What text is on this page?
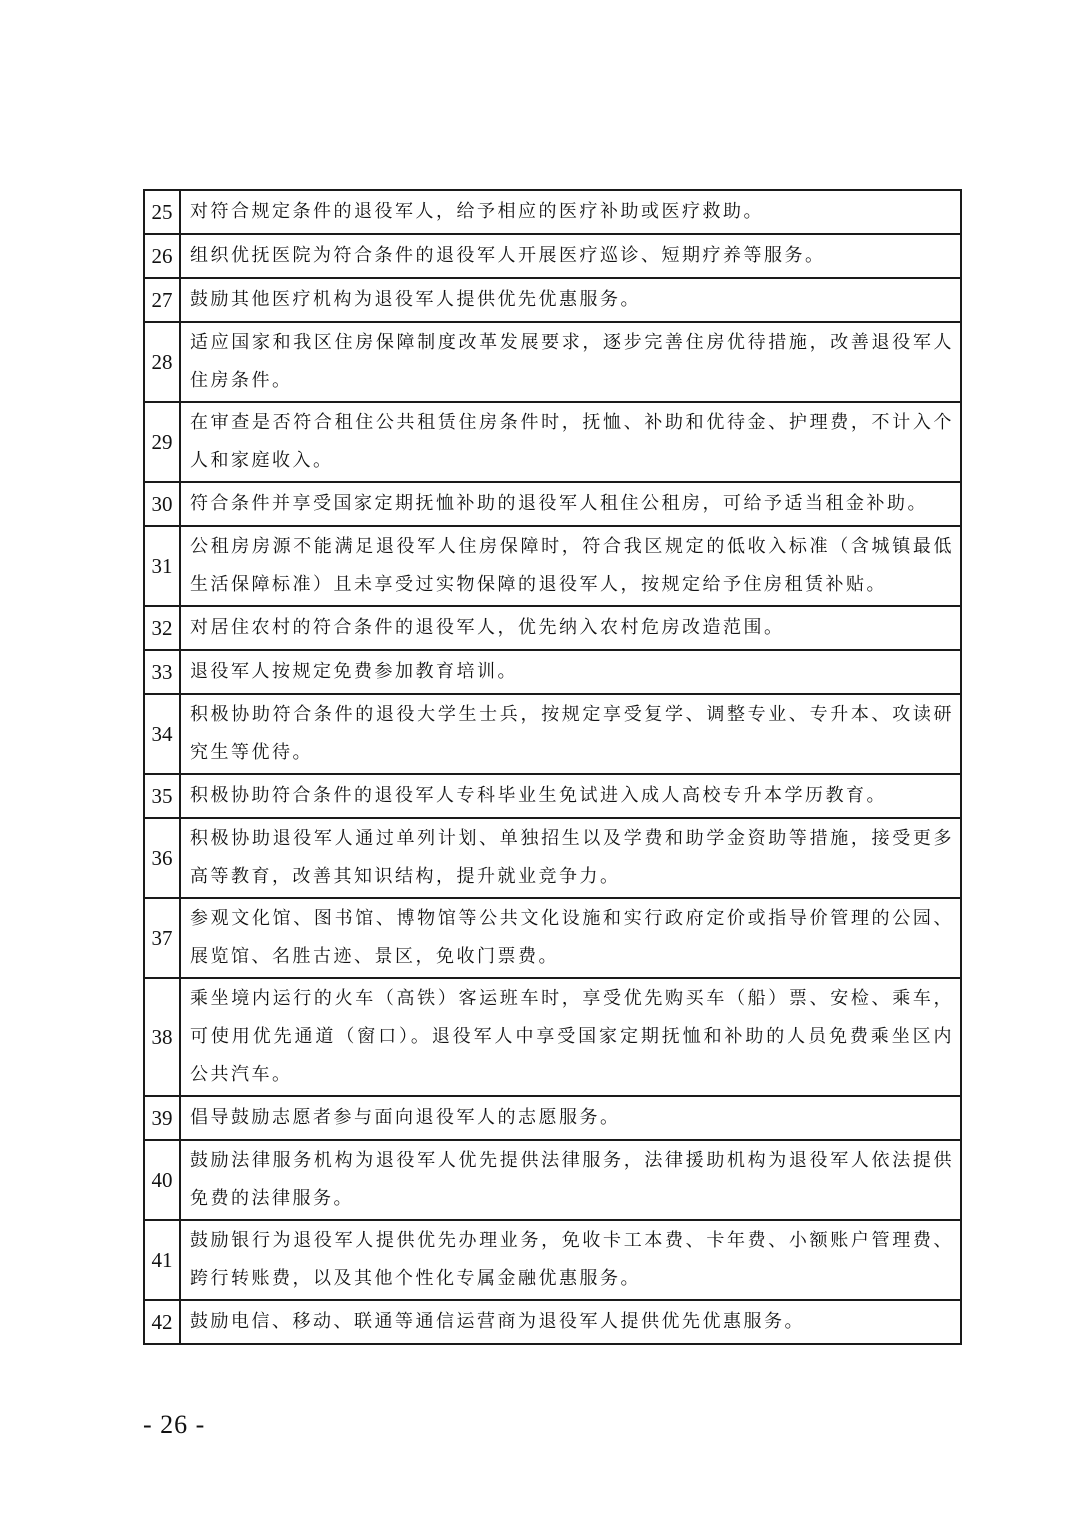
25	对符合规定条件的退役军人，给予相应的医疗补助或医疗救助。
26	组织优抚医院为符合条件的退役军人开展医疗巡诊、短期疗养等服务。
27	鼓励其他医疗机构为退役军人提供优先优惠服务。
28	适应国家和我区住房保障制度改革发展要求，逐步完善住房优待措施，改善退役军人住房条件。
29	在审查是否符合租住公共租赁住房条件时，抚恤、补助和优待金、护理费，不计入个人和家庭收入。
30	符合条件并享受国家定期抚恤补助的退役军人租住公租房，可给予适当租金补助。
31	公租房房源不能满足退役军人住房保障时，符合我区规定的低收入标准（含城镇最低生活保障标准）且未享受过实物保障的退役军人，按规定给予住房租赁补贴。
32	对居住农村的符合条件的退役军人，优先纳入农村危房改造范围。
33	退役军人按规定免费参加教育培训。
34	积极协助符合条件的退役大学生士兵，按规定享受复学、调整专业、专升本、攻读研究生等优待。
35	积极协助符合条件的退役军人专科毕业生免试进入成人高校专升本学历教育。
36	积极协助退役军人通过单列计划、单独招生以及学费和助学金资助等措施，接受更多高等教育，改善其知识结构，提升就业竞争力。
37	参观文化馆、图书馆、博物馆等公共文化设施和实行政府定价或指导价管理的公园、展览馆、名胜古迹、景区，免收门票费。
38	乘坐境内运行的火车（高铁）客运班车时，享受优先购买车（船）票、安检、乘车，可使用优先通道（窗口）。退役军人中享受国家定期抚恤和补助的人员免费乘坐区内公共汽车。
39	倡导鼓励志愿者参与面向退役军人的志愿服务。
40	鼓励法律服务机构为退役军人优先提供法律服务，法律援助机构为退役军人依法提供免费的法律服务。
41	鼓励银行为退役军人提供优先办理业务，免收卡工本费、卡年费、小额账户管理费、跨行转账费，以及其他个性化专属金融优惠服务。
42	鼓励电信、移动、联通等通信运营商为退役军人提供优先优惠服务。
- 26 -
